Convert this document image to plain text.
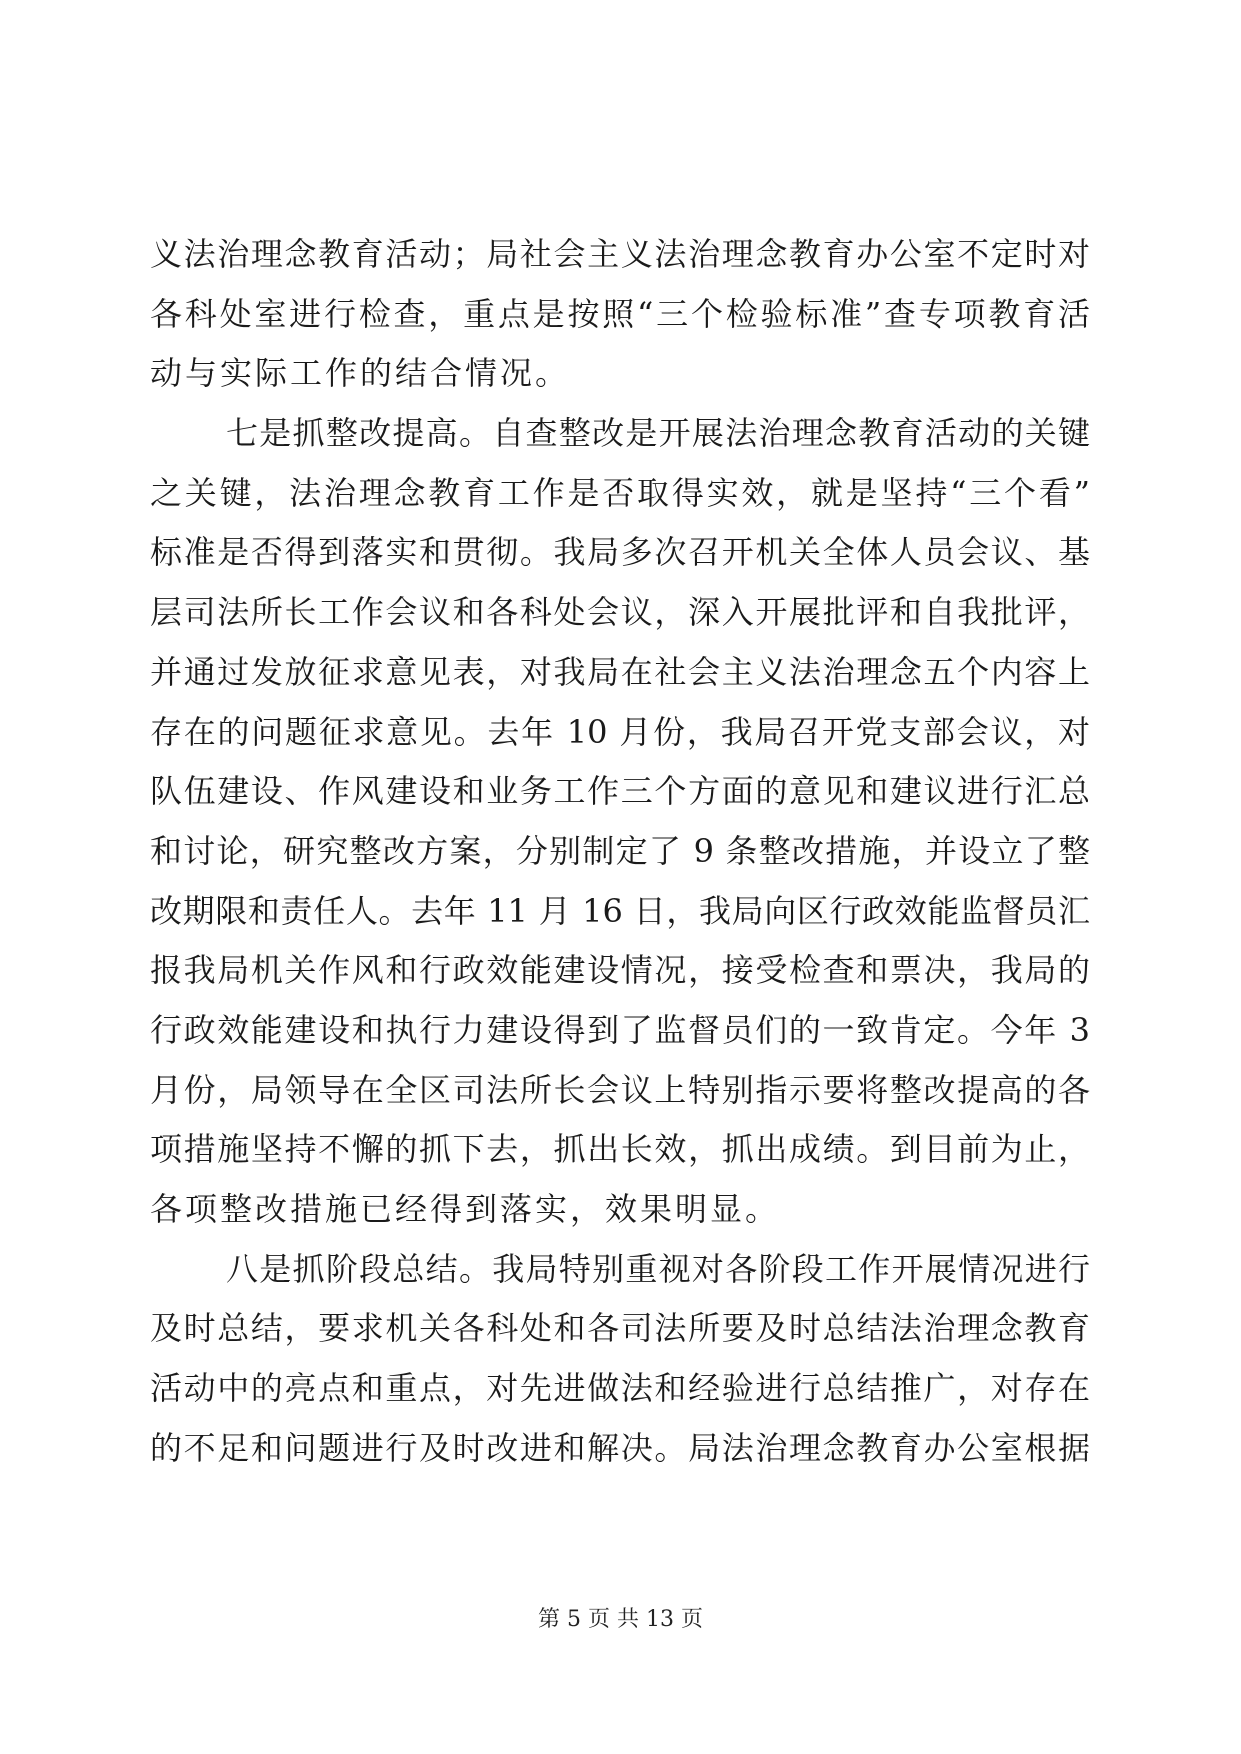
义法治理念教育活动；局社会主义法治理念教育办公室不定时对
各科处室进行检查，重点是按照“三个检验标准”查专项教育活
动与实际工作的结合情况。
七是抓整改提高。自查整改是开展法治理念教育活动的关键
之关键，法治理念教育工作是否取得实效，就是坚持“三个看”
标准是否得到落实和贯彻。我局多次召开机关全体人员会议、基
层司法所长工作会议和各科处会议，深入开展批评和自我批评，
并通过发放征求意见表，对我局在社会主义法治理念五个内容上
存在的问题征求意见。去年 10 月份，我局召开党支部会议，对
队伍建设、作风建设和业务工作三个方面的意见和建议进行汇总
和讨论，研究整改方案，分别制定了 9 条整改措施，并设立了整
改期限和责任人。去年 11 月 16 日，我局向区行政效能监督员汇
报我局机关作风和行政效能建设情况，接受检查和票决，我局的
行政效能建设和执行力建设得到了监督员们的一致肯定。今年 3
月份，局领导在全区司法所长会议上特别指示要将整改提高的各
项措施坚持不懈的抓下去，抓出长效，抓出成绩。到目前为止，
各项整改措施已经得到落实，效果明显。
八是抓阶段总结。我局特别重视对各阶段工作开展情况进行
及时总结，要求机关各科处和各司法所要及时总结法治理念教育
活动中的亮点和重点，对先进做法和经验进行总结推广，对存在
的不足和问题进行及时改进和解决。局法治理念教育办公室根据
第 5 页 共 13 页
